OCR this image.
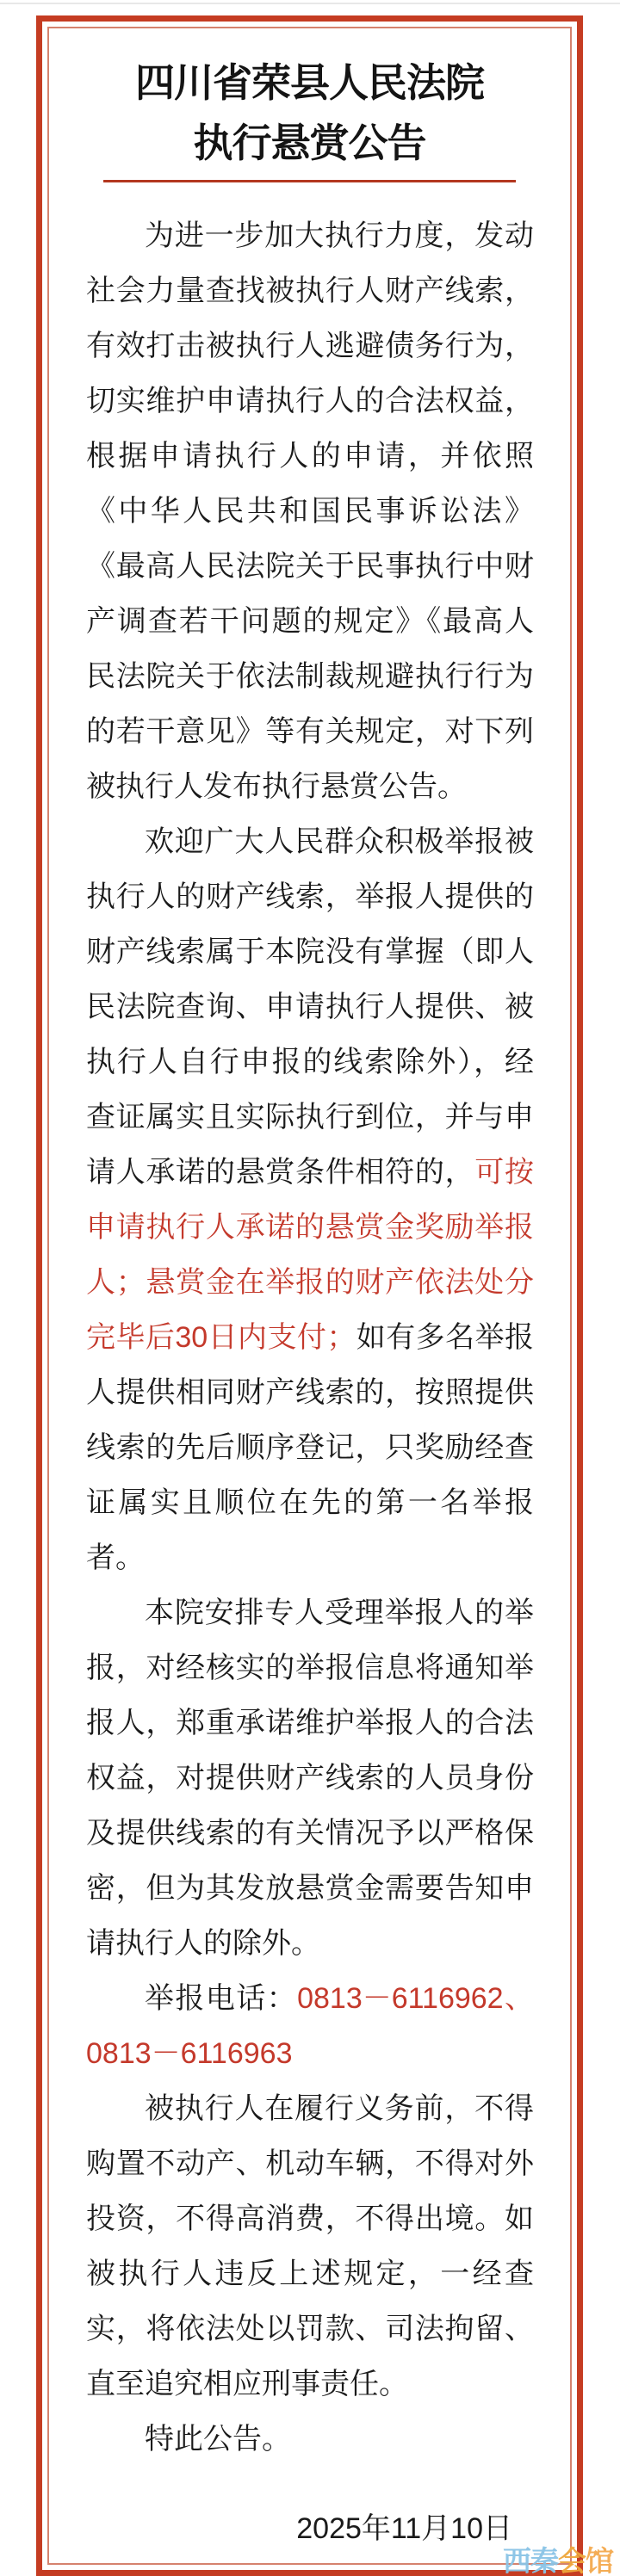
四川省荣县人民法院
执行悬赏公告

为进一步加大执行力度，发动社会力量查找被执行人财产线索，有效打击被执行人逃避债务行为，切实维护申请执行人的合法权益，根据申请执行人的申请，并依照《中华人民共和国民事诉讼法》《最高人民法院关于民事执行中财产调查若干问题的规定》《最高人民法院关于依法制裁规避执行行为的若干意见》等有关规定，对下列被执行人发布执行悬赏公告。

欢迎广大人民群众积极举报被执行人的财产线索，举报人提供的财产线索属于本院没有掌握（即人民法院查询、申请执行人提供、被执行人自行申报的线索除外），经查证属实且实际执行到位，并与申请人承诺的悬赏条件相符的，可按申请执行人承诺的悬赏金奖励举报人；悬赏金在举报的财产依法处分完毕后30日内支付；如有多名举报人提供相同财产线索的，按照提供线索的先后顺序登记，只奖励经查证属实且顺位在先的第一名举报者。

本院安排专人受理举报人的举报，对经核实的举报信息将通知举报人，郑重承诺维护举报人的合法权益，对提供财产线索的人员身份及提供线索的有关情况予以严格保密，但为其发放悬赏金需要告知申请执行人的除外。

举报电话：0813－6116962、0813－6116963

被执行人在履行义务前，不得购置不动产、机动车辆，不得对外投资，不得高消费，不得出境。如被执行人违反上述规定，一经查实，将依法处以罚款、司法拘留、直至追究相应刑事责任。

特此公告。

2025年11月10日
西秦会馆
